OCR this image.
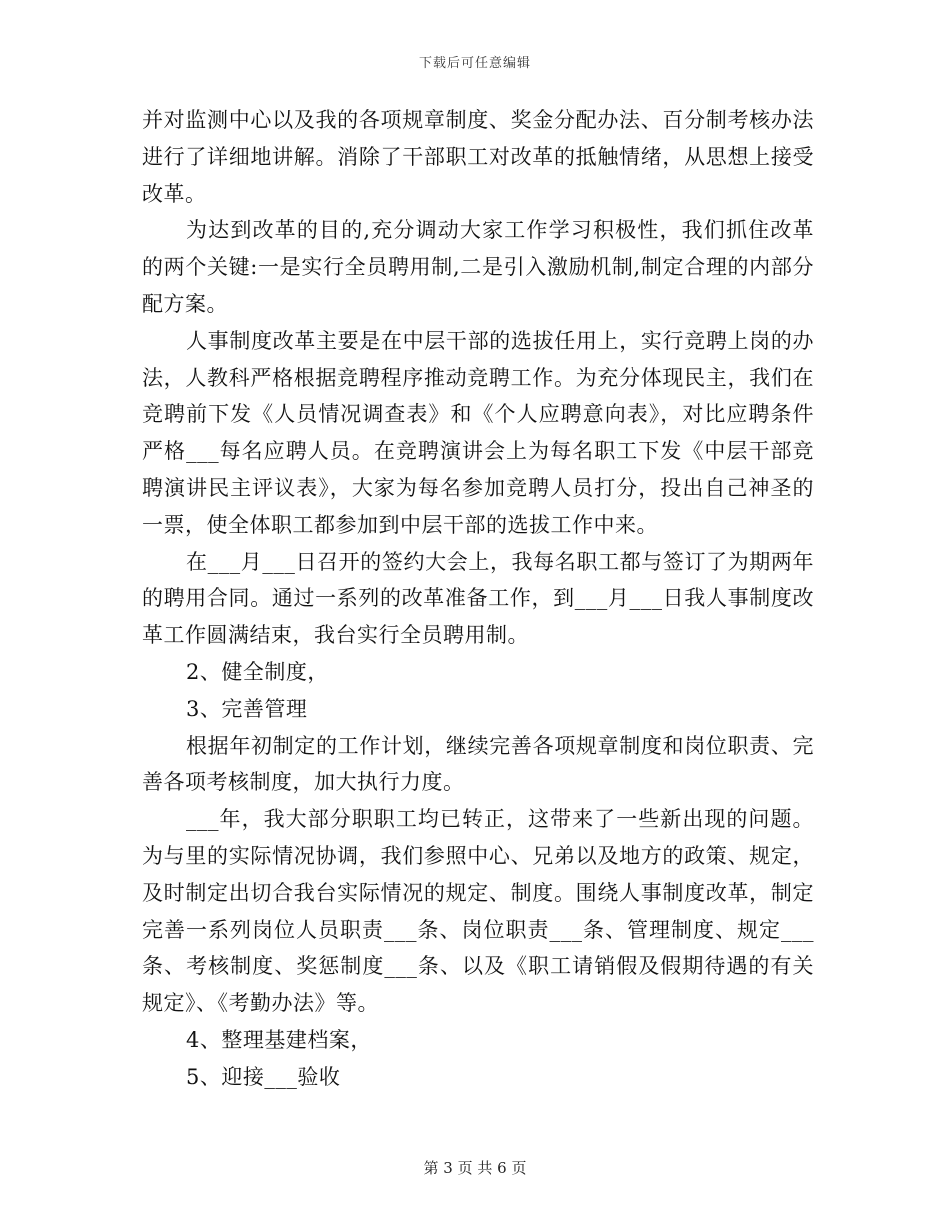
下载后可任意编辑

并对监测中心以及我的各项规章制度、奖金分配办法、百分制考核办法进行了详细地讲解。消除了干部职工对改革的抵触情绪，从思想上接受改革。

为达到改革的目的,充分调动大家工作学习积极性，我们抓住改革的两个关键:一是实行全员聘用制,二是引入激励机制,制定合理的内部分配方案。

人事制度改革主要是在中层干部的选拔任用上，实行竞聘上岗的办法，人教科严格根据竞聘程序推动竞聘工作。为充分体现民主，我们在竞聘前下发《人员情况调查表》和《个人应聘意向表》，对比应聘条件严格___每名应聘人员。在竞聘演讲会上为每名职工下发《中层干部竞聘演讲民主评议表》，大家为每名参加竞聘人员打分，投出自己神圣的一票，使全体职工都参加到中层干部的选拔工作中来。

在___月___日召开的签约大会上，我每名职工都与签订了为期两年的聘用合同。通过一系列的改革准备工作，到___月___日我人事制度改革工作圆满结束，我台实行全员聘用制。

2、健全制度，

3、完善管理

根据年初制定的工作计划，继续完善各项规章制度和岗位职责、完善各项考核制度，加大执行力度。

___年，我大部分职职工均已转正，这带来了一些新出现的问题。为与里的实际情况协调，我们参照中心、兄弟以及地方的政策、规定，及时制定出切合我台实际情况的规定、制度。围绕人事制度改革，制定完善一系列岗位人员职责___条、岗位职责___条、管理制度、规定___条、考核制度、奖惩制度___条、以及《职工请销假及假期待遇的有关规定》、《考勤办法》等。

4、整理基建档案，

5、迎接___验收

第 3 页 共 6 页
